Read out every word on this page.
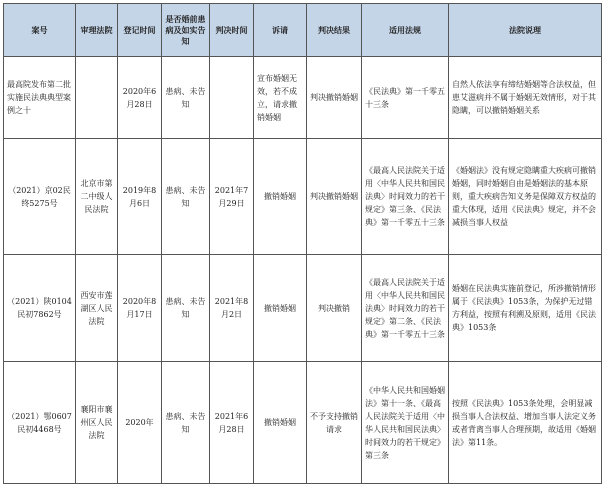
案号	审理法院	登记时间	是否婚前患病及如实告知	判决时间	诉请	判决结果	适用法规	法院说理
最高院发布第二批实施民法典典型案例之十		2020年6月28日	患病、未告知		宣布婚姻无效，若不成立，请求撤销婚姻	判决撤销婚姻	《民法典》第一千零五十三条	自然人依法享有缔结婚姻等合法权益，但患艾滋病并不属于婚姻无效情形，对于其隐瞒，可以撤销婚姻关系
（2021）京02民终5275号	北京市第二中级人民法院	2019年8月6日	患病、未告知	2021年7月29日	撤销婚姻	判决撤销婚姻	《最高人民法院关于适用〈中华人民共和国民法典〉时间效力的若干规定》第三条、《民法典》第一千零五十三条	《婚姻法》没有规定隐瞒重大疾病可撤销婚姻，同时婚姻自由是婚姻法的基本原则，重大疾病告知义务是保障双方权益的重大体现，适用《民法典》规定，并不会减损当事人权益
（2021）陕0104民初7862号	西安市莲湖区人民法院	2020年8月17日	患病、未告知	2021年8月2日	撤销婚姻	判决撤销	《最高人民法院关于适用〈中华人民共和国民法典〉时间效力的若干规定》第二条、《民法典》第一千零五十三条	婚姻在民法典实施前登记，所涉撤销情形属于《民法典》1053条，为保护无过错方利益，按照有利溯及原则，适用《民法典》1053条
（2021）鄂0607民初4468号	襄阳市襄州区人民法院	2020年	患病、未告知	2021年6月28日	撤销婚姻	不予支持撤销请求	《中华人民共和国婚姻法》第十一条、《最高人民法院关于适用〈中华人民共和国民法典〉时间效力的若干规定》第三条	按照《民法典》1053条处理，会明显减损当事人合法权益、增加当事人法定义务或者背离当事人合理预期，故适用《婚姻法》第11条。
